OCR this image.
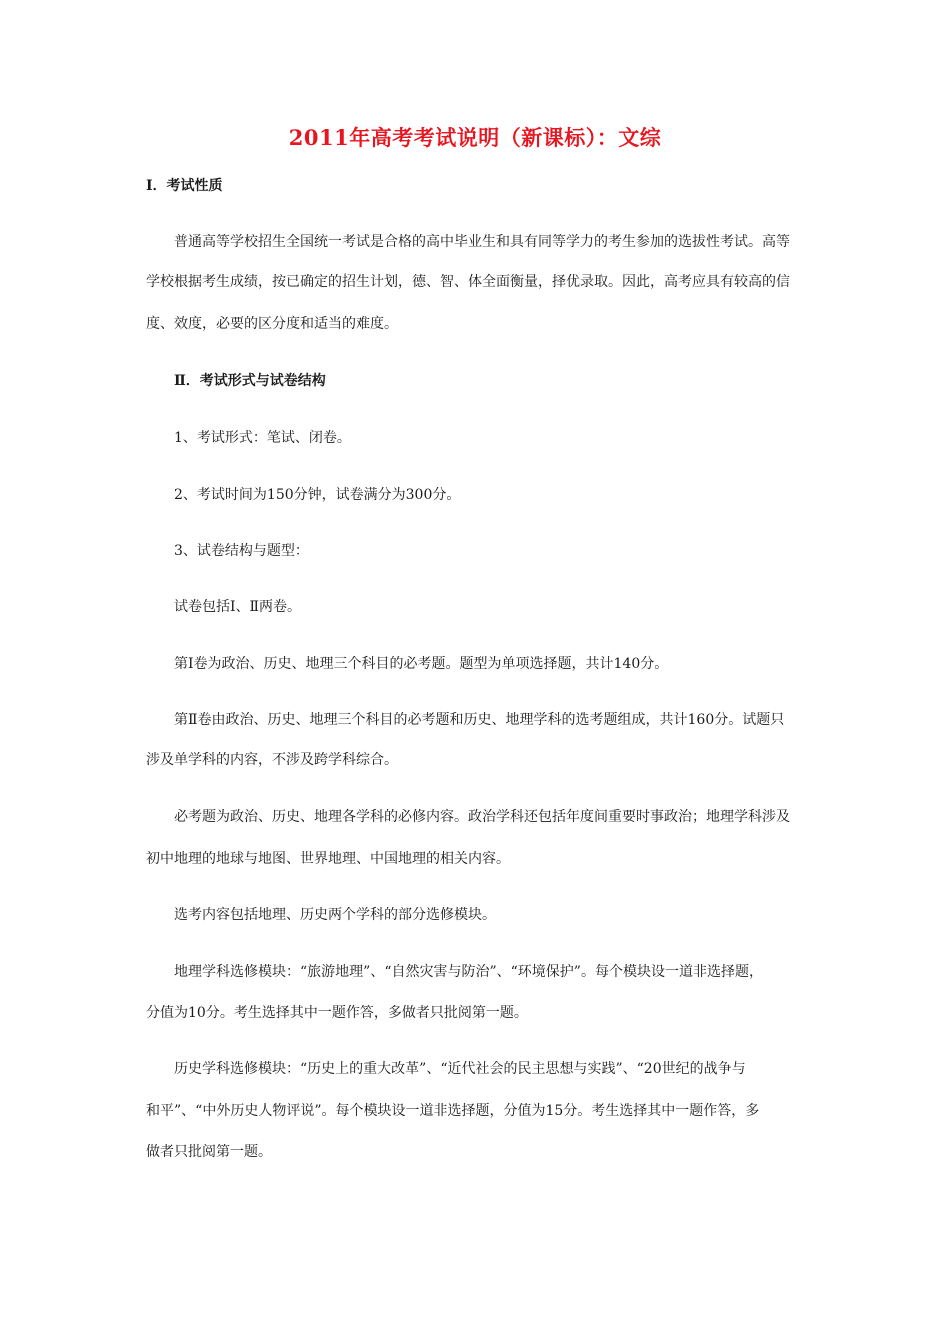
2011年高考考试说明（新课标）：文综
Ⅰ．考试性质
普通高等学校招生全国统一考试是合格的高中毕业生和具有同等学力的考生参加的选拔性考试。高等
学校根据考生成绩，按已确定的招生计划，德、智、体全面衡量，择优录取。因此，高考应具有较高的信
度、效度，必要的区分度和适当的难度。
Ⅱ．考试形式与试卷结构
1、考试形式：笔试、闭卷。
2、考试时间为150分钟，试卷满分为300分。
3、试卷结构与题型：
试卷包括Ⅰ、Ⅱ两卷。
第Ⅰ卷为政治、历史、地理三个科目的必考题。题型为单项选择题，共计140分。
第Ⅱ卷由政治、历史、地理三个科目的必考题和历史、地理学科的选考题组成，共计160分。试题只
涉及单学科的内容，不涉及跨学科综合。
必考题为政治、历史、地理各学科的必修内容。政治学科还包括年度间重要时事政治；地理学科涉及
初中地理的地球与地图、世界地理、中国地理的相关内容。
选考内容包括地理、历史两个学科的部分选修模块。
地理学科选修模块：“旅游地理”、“自然灾害与防治”、“环境保护”。每个模块设一道非选择题，
分值为10分。考生选择其中一题作答，多做者只批阅第一题。
历史学科选修模块：“历史上的重大改革”、“近代社会的民主思想与实践”、“20世纪的战争与
和平”、“中外历史人物评说”。每个模块设一道非选择题，分值为15分。考生选择其中一题作答，多
做者只批阅第一题。
